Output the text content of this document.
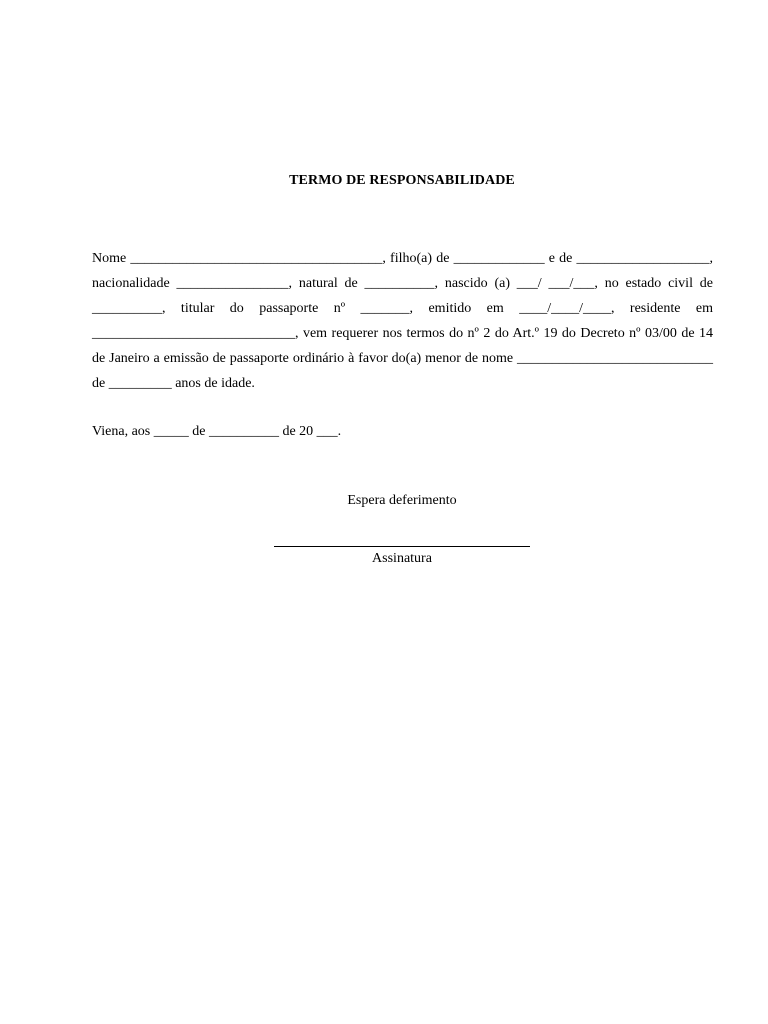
TERMO DE RESPONSABILIDADE
Nome ____________________________________, filho(a) de _____________ e de ___________________, nacionalidade ________________, natural de __________, nascido (a) ___/ ___/___, no estado civil de __________, titular do passaporte nº _______, emitido em ____/____/____, residente em _____________________________, vem requerer nos termos do nº 2 do Art.º 19 do Decreto nº 03/00 de 14 de Janeiro a emissão de passaporte ordinário à favor do(a) menor de nome ____________________________ de _________ anos de idade.
Viena, aos _____ de __________ de 20 ___.
Espera deferimento
Assinatura
